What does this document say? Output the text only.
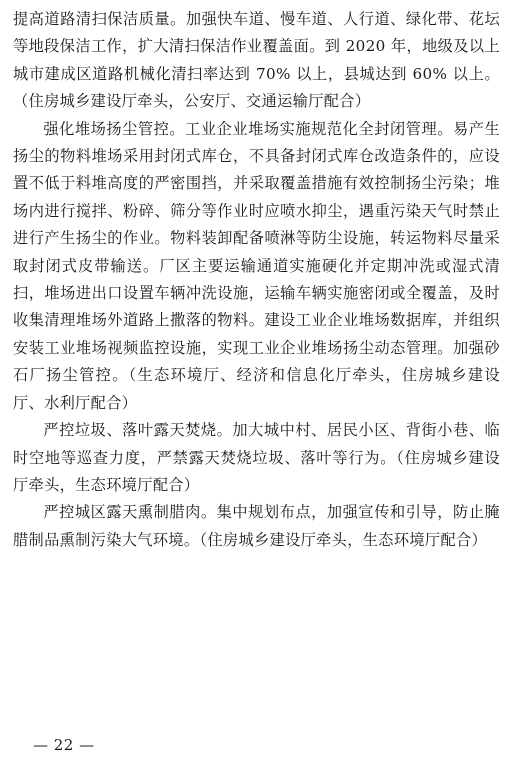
提高道路清扫保洁质量。加强快车道、慢车道、人行道、绿化带、花坛等地段保洁工作，扩大清扫保洁作业覆盖面。到 2020 年，地级及以上城市建成区道路机械化清扫率达到 70% 以上，县城达到 60% 以上。（住房城乡建设厅牵头，公安厅、交通运输厅配合）

强化堆场扬尘管控。工业企业堆场实施规范化全封闭管理。易产生扬尘的物料堆场采用封闭式库仓，不具备封闭式库仓改造条件的，应设置不低于料堆高度的严密围挡，并采取覆盖措施有效控制扬尘污染；堆场内进行搅拌、粉碎、筛分等作业时应喷水抑尘，遇重污染天气时禁止进行产生扬尘的作业。物料装卸配备喷淋等防尘设施，转运物料尽量采取封闭式皮带输送。厂区主要运输通道实施硬化并定期冲洗或湿式清扫，堆场进出口设置车辆冲洗设施，运输车辆实施密闭或全覆盖，及时收集清理堆场外道路上撒落的物料。建设工业企业堆场数据库，并组织安装工业堆场视频监控设施，实现工业企业堆场扬尘动态管理。加强砂石厂扬尘管控。（生态环境厅、经济和信息化厅牵头，住房城乡建设厅、水利厅配合）

严控垃圾、落叶露天焚烧。加大城中村、居民小区、背街小巷、临时空地等巡查力度，严禁露天焚烧垃圾、落叶等行为。（住房城乡建设厅牵头，生态环境厅配合）

严控城区露天熏制腊肉。集中规划布点，加强宣传和引导，防止腌腊制品熏制污染大气环境。（住房城乡建设厅牵头，生态环境厅配合）

— 22 —
